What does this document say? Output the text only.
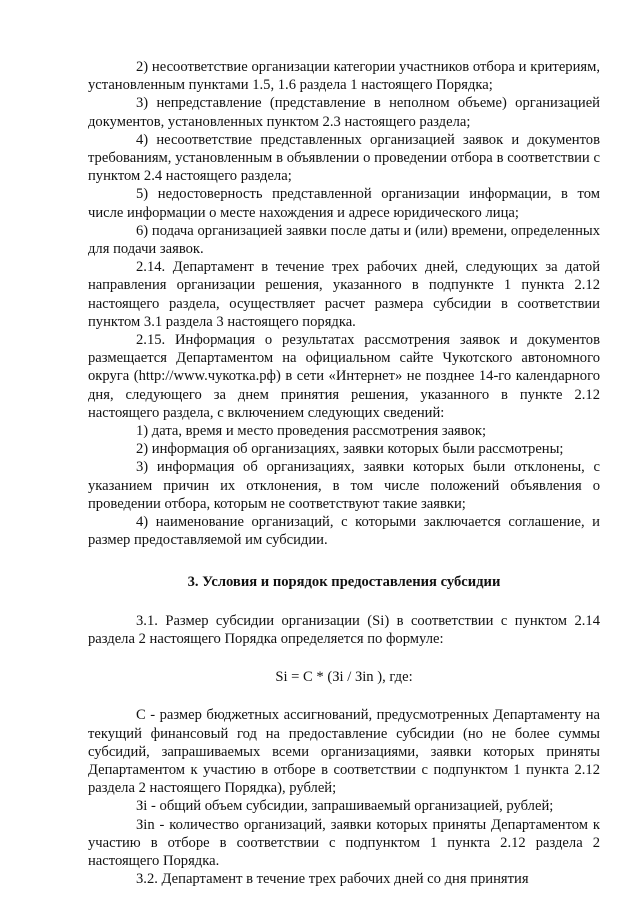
2) несоответствие организации категории участников отбора и критериям, установленным пунктами 1.5, 1.6 раздела 1 настоящего Порядка;

3) непредставление (представление в неполном объеме) организацией документов, установленных пунктом 2.3 настоящего раздела;

4) несоответствие представленных организацией заявок и документов требованиям, установленным в объявлении о проведении отбора в соответствии с пунктом 2.4 настоящего раздела;

5) недостоверность представленной организации информации, в том числе информации о месте нахождения и адресе юридического лица;

6) подача организацией заявки после даты и (или) времени, определенных для подачи заявок.

2.14. Департамент в течение трех рабочих дней, следующих за датой направления организации решения, указанного в подпункте 1 пункта 2.12 настоящего раздела, осуществляет расчет размера субсидии в соответствии пунктом 3.1 раздела 3 настоящего порядка.

2.15. Информация о результатах рассмотрения заявок и документов размещается Департаментом на официальном сайте Чукотского автономного округа (http://www.чукотка.рф) в сети «Интернет» не позднее 14-го календарного дня, следующего за днем принятия решения, указанного в пункте 2.12 настоящего раздела, с включением следующих сведений:

1) дата, время и место проведения рассмотрения заявок;

2) информация об организациях, заявки которых были рассмотрены;

3) информация об организациях, заявки которых были отклонены, с указанием причин их отклонения, в том числе положений объявления о проведении отбора, которым не соответствуют такие заявки;

4) наименование организаций, с которыми заключается соглашение, и размер предоставляемой им субсидии.

3. Условия и порядок предоставления субсидии

3.1. Размер субсидии организации (Si) в соответствии с пунктом 2.14 раздела 2 настоящего Порядка определяется по формуле:

Si = C * (Зi / Зin ), где:

С - размер бюджетных ассигнований, предусмотренных Департаменту на текущий финансовый год на предоставление субсидии (но не более суммы субсидий, запрашиваемых всеми организациями, заявки которых приняты Департаментом к участию в отборе в соответствии с подпунктом 1 пункта 2.12 раздела 2 настоящего Порядка), рублей;

Зi - общий объем субсидии, запрашиваемый организацией, рублей;

Зin - количество организаций, заявки которых приняты Департаментом к участию в отборе в соответствии с подпунктом 1 пункта 2.12 раздела 2 настоящего Порядка.

3.2. Департамент в течение трех рабочих дней со дня принятия
